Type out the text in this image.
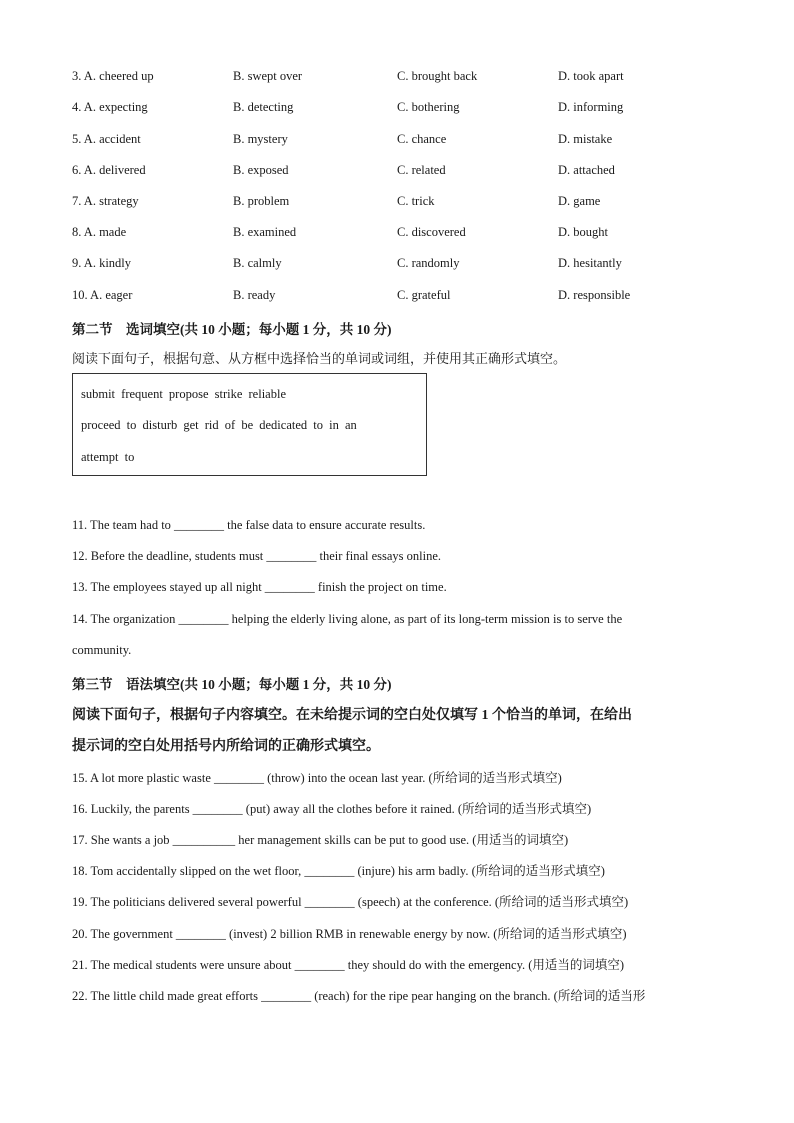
3. A. cheered up	B. swept over	C. brought back	D. took apart
4. A. expecting	B. detecting	C. bothering	D. informing
5. A. accident	B. mystery	C. chance	D. mistake
6. A. delivered	B. exposed	C. related	D. attached
7. A. strategy	B. problem	C. trick	D. game
8. A. made	B. examined	C. discovered	D. bought
9. A. kindly	B. calmly	C. randomly	D. hesitantly
10. A. eager	B. ready	C. grateful	D. responsible
第二节　选词填空(共 10 小题；每小题 1 分，共 10 分)
阅读下面句子，根据句意、从方框中选择恰当的单词或词组，并使用其正确形式填空。
submit frequent propose strike reliable
proceed to disturb get rid of be dedicated to in an
attempt to
11. The team had to ________ the false data to ensure accurate results.
12. Before the deadline, students must ________ their final essays online.
13. The employees stayed up all night ________ finish the project on time.
14. The organization ________ helping the elderly living alone, as part of its long-term mission is to serve the
community.
第三节　语法填空(共 10 小题；每小题 1 分，共 10 分)
阅读下面句子，根据句子内容填空。在未给提示词的空白处仅填写 1 个恰当的单词，在给出
提示词的空白处用括号内所给词的正确形式填空。
15. A lot more plastic waste ________ (throw) into the ocean last year. (所给词的适当形式填空)
16. Luckily, the parents ________ (put) away all the clothes before it rained. (所给词的适当形式填空)
17. She wants a job __________ her management skills can be put to good use. (用适当的词填空)
18. Tom accidentally slipped on the wet floor, ________ (injure) his arm badly. (所给词的适当形式填空)
19. The politicians delivered several powerful ________ (speech) at the conference. (所给词的适当形式填空)
20. The government ________ (invest) 2 billion RMB in renewable energy by now. (所给词的适当形式填空)
21. The medical students were unsure about ________ they should do with the emergency. (用适当的词填空)
22. The little child made great efforts ________ (reach) for the ripe pear hanging on the branch. (所给词的适当形
